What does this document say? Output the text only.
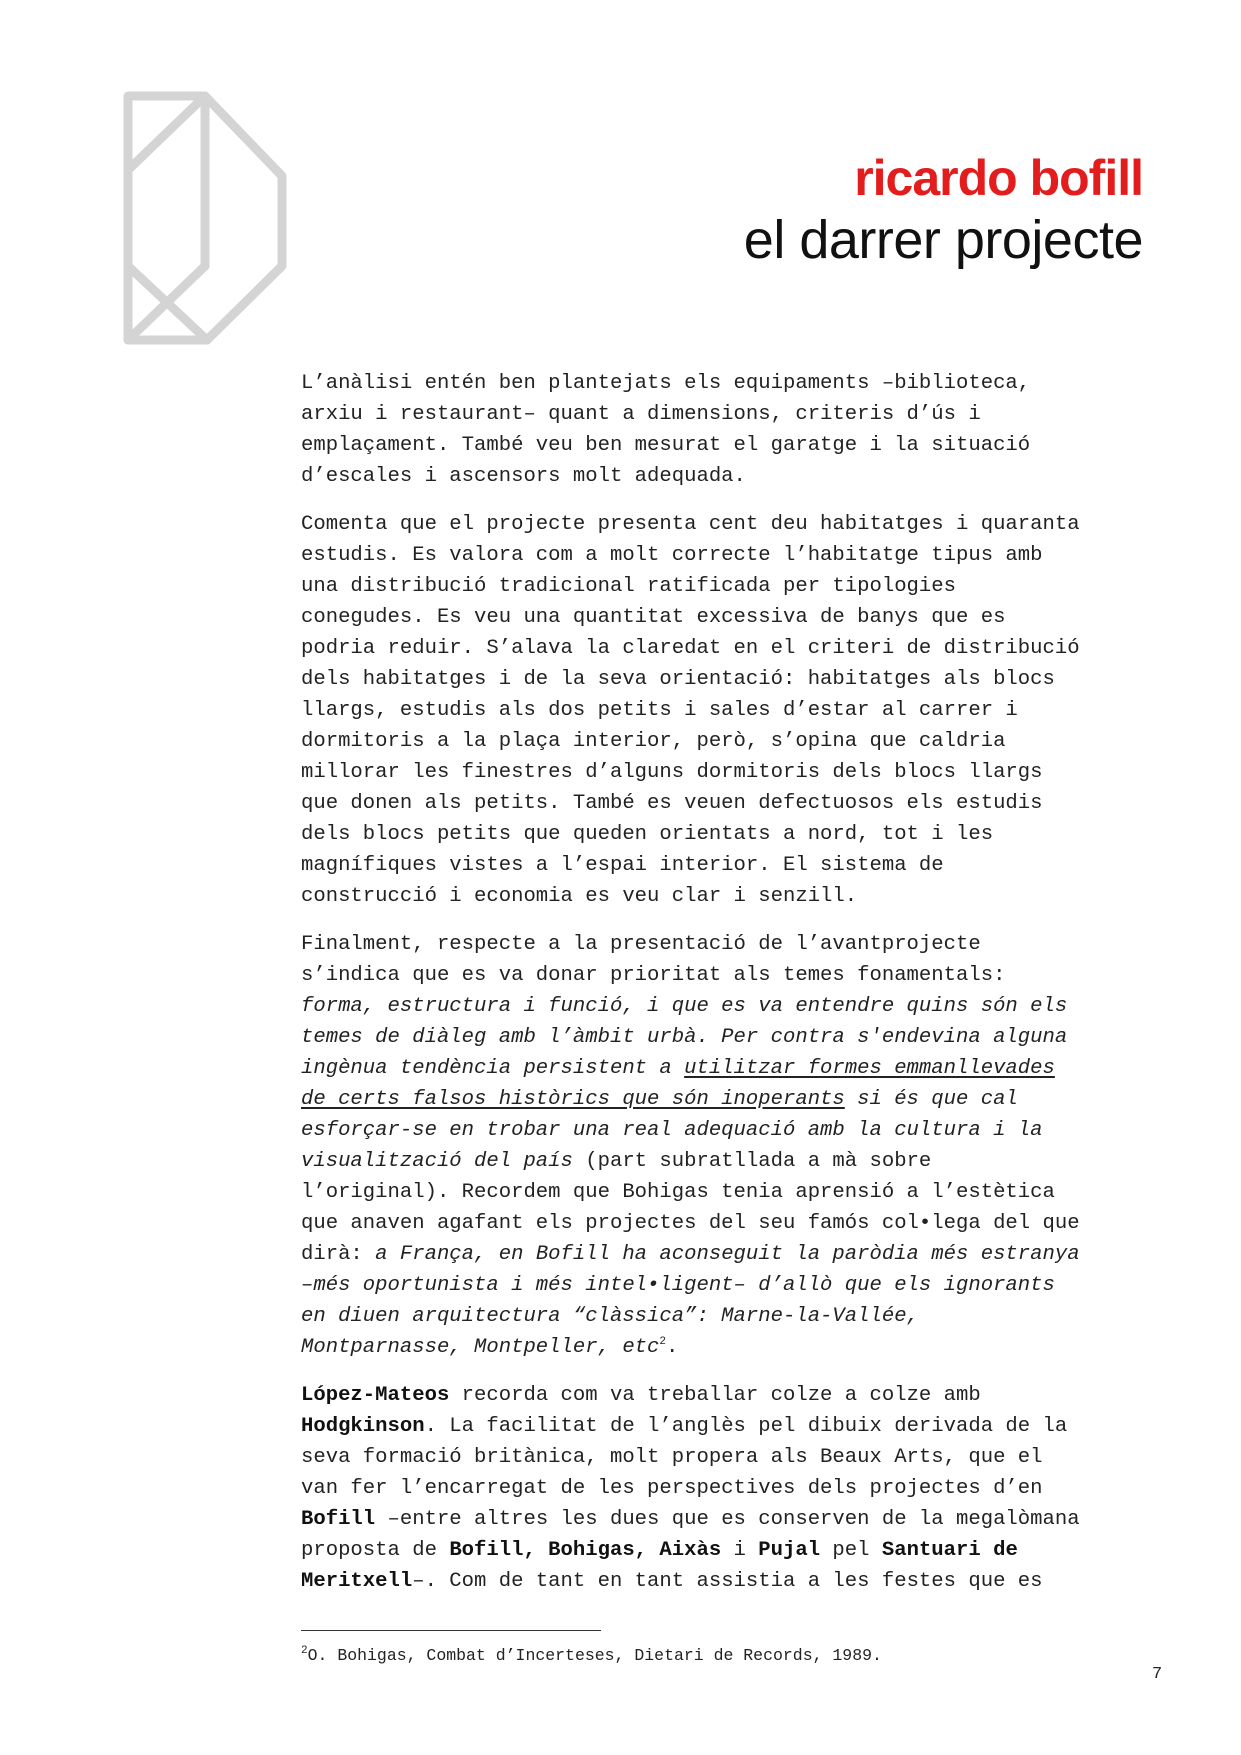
ricardo bofill
el darrer projecte

L’anàlisi entén ben plantejats els equipaments –biblioteca,
arxiu i restaurant– quant a dimensions, criteris d’ús i
emplaçament. També veu ben mesurat el garatge i la situació
d’escales i ascensors molt adequada.

Comenta que el projecte presenta cent deu habitatges i quaranta
estudis. Es valora com a molt correcte l’habitatge tipus amb
una distribució tradicional ratificada per tipologies
conegudes. Es veu una quantitat excessiva de banys que es
podria reduir. S’alava la claredat en el criteri de distribució
dels habitatges i de la seva orientació: habitatges als blocs
llargs, estudis als dos petits i sales d’estar al carrer i
dormitoris a la plaça interior, però, s’opina que caldria
millorar les finestres d’alguns dormitoris dels blocs llargs
que donen als petits. També es veuen defectuosos els estudis
dels blocs petits que queden orientats a nord, tot i les
magnífiques vistes a l’espai interior. El sistema de
construcció i economia es veu clar i senzill.

Finalment, respecte a la presentació de l’avantprojecte
s’indica que es va donar prioritat als temes fonamentals:
forma, estructura i funció, i que es va entendre quins són els
temes de diàleg amb l’àmbit urbà. Per contra s'endevina alguna
ingènua tendència persistent a utilitzar formes emmanllevades
de certs falsos històrics que són inoperants si és que cal
esforçar-se en trobar una real adequació amb la cultura i la
visualització del país (part subratllada a mà sobre
l’original). Recordem que Bohigas tenia aprensió a l’estètica
que anaven agafant els projectes del seu famós col•lega del que
dirà: a França, en Bofill ha aconseguit la paròdia més estranya
–més oportunista i més intel•ligent– d’allò que els ignorants
en diuen arquitectura “clàssica”: Marne-la-Vallée,
Montparnasse, Montpeller, etc$^2$.

López-Mateos recorda com va treballar colze a colze amb
Hodgkinson. La facilitat de l’anglès pel dibuix derivada de la
seva formació britànica, molt propera als Beaux Arts, que el
van fer l’encarregat de les perspectives dels projectes d’en
Bofill –entre altres les dues que es conserven de la megalòmana
proposta de Bofill, Bohigas, Aixàs i Pujal pel Santuari de
Meritxell–. Com de tant en tant assistia a les festes que es

$^2$O. Bohigas, Combat d’Incerteses, Dietari de Records, 1989.
7
